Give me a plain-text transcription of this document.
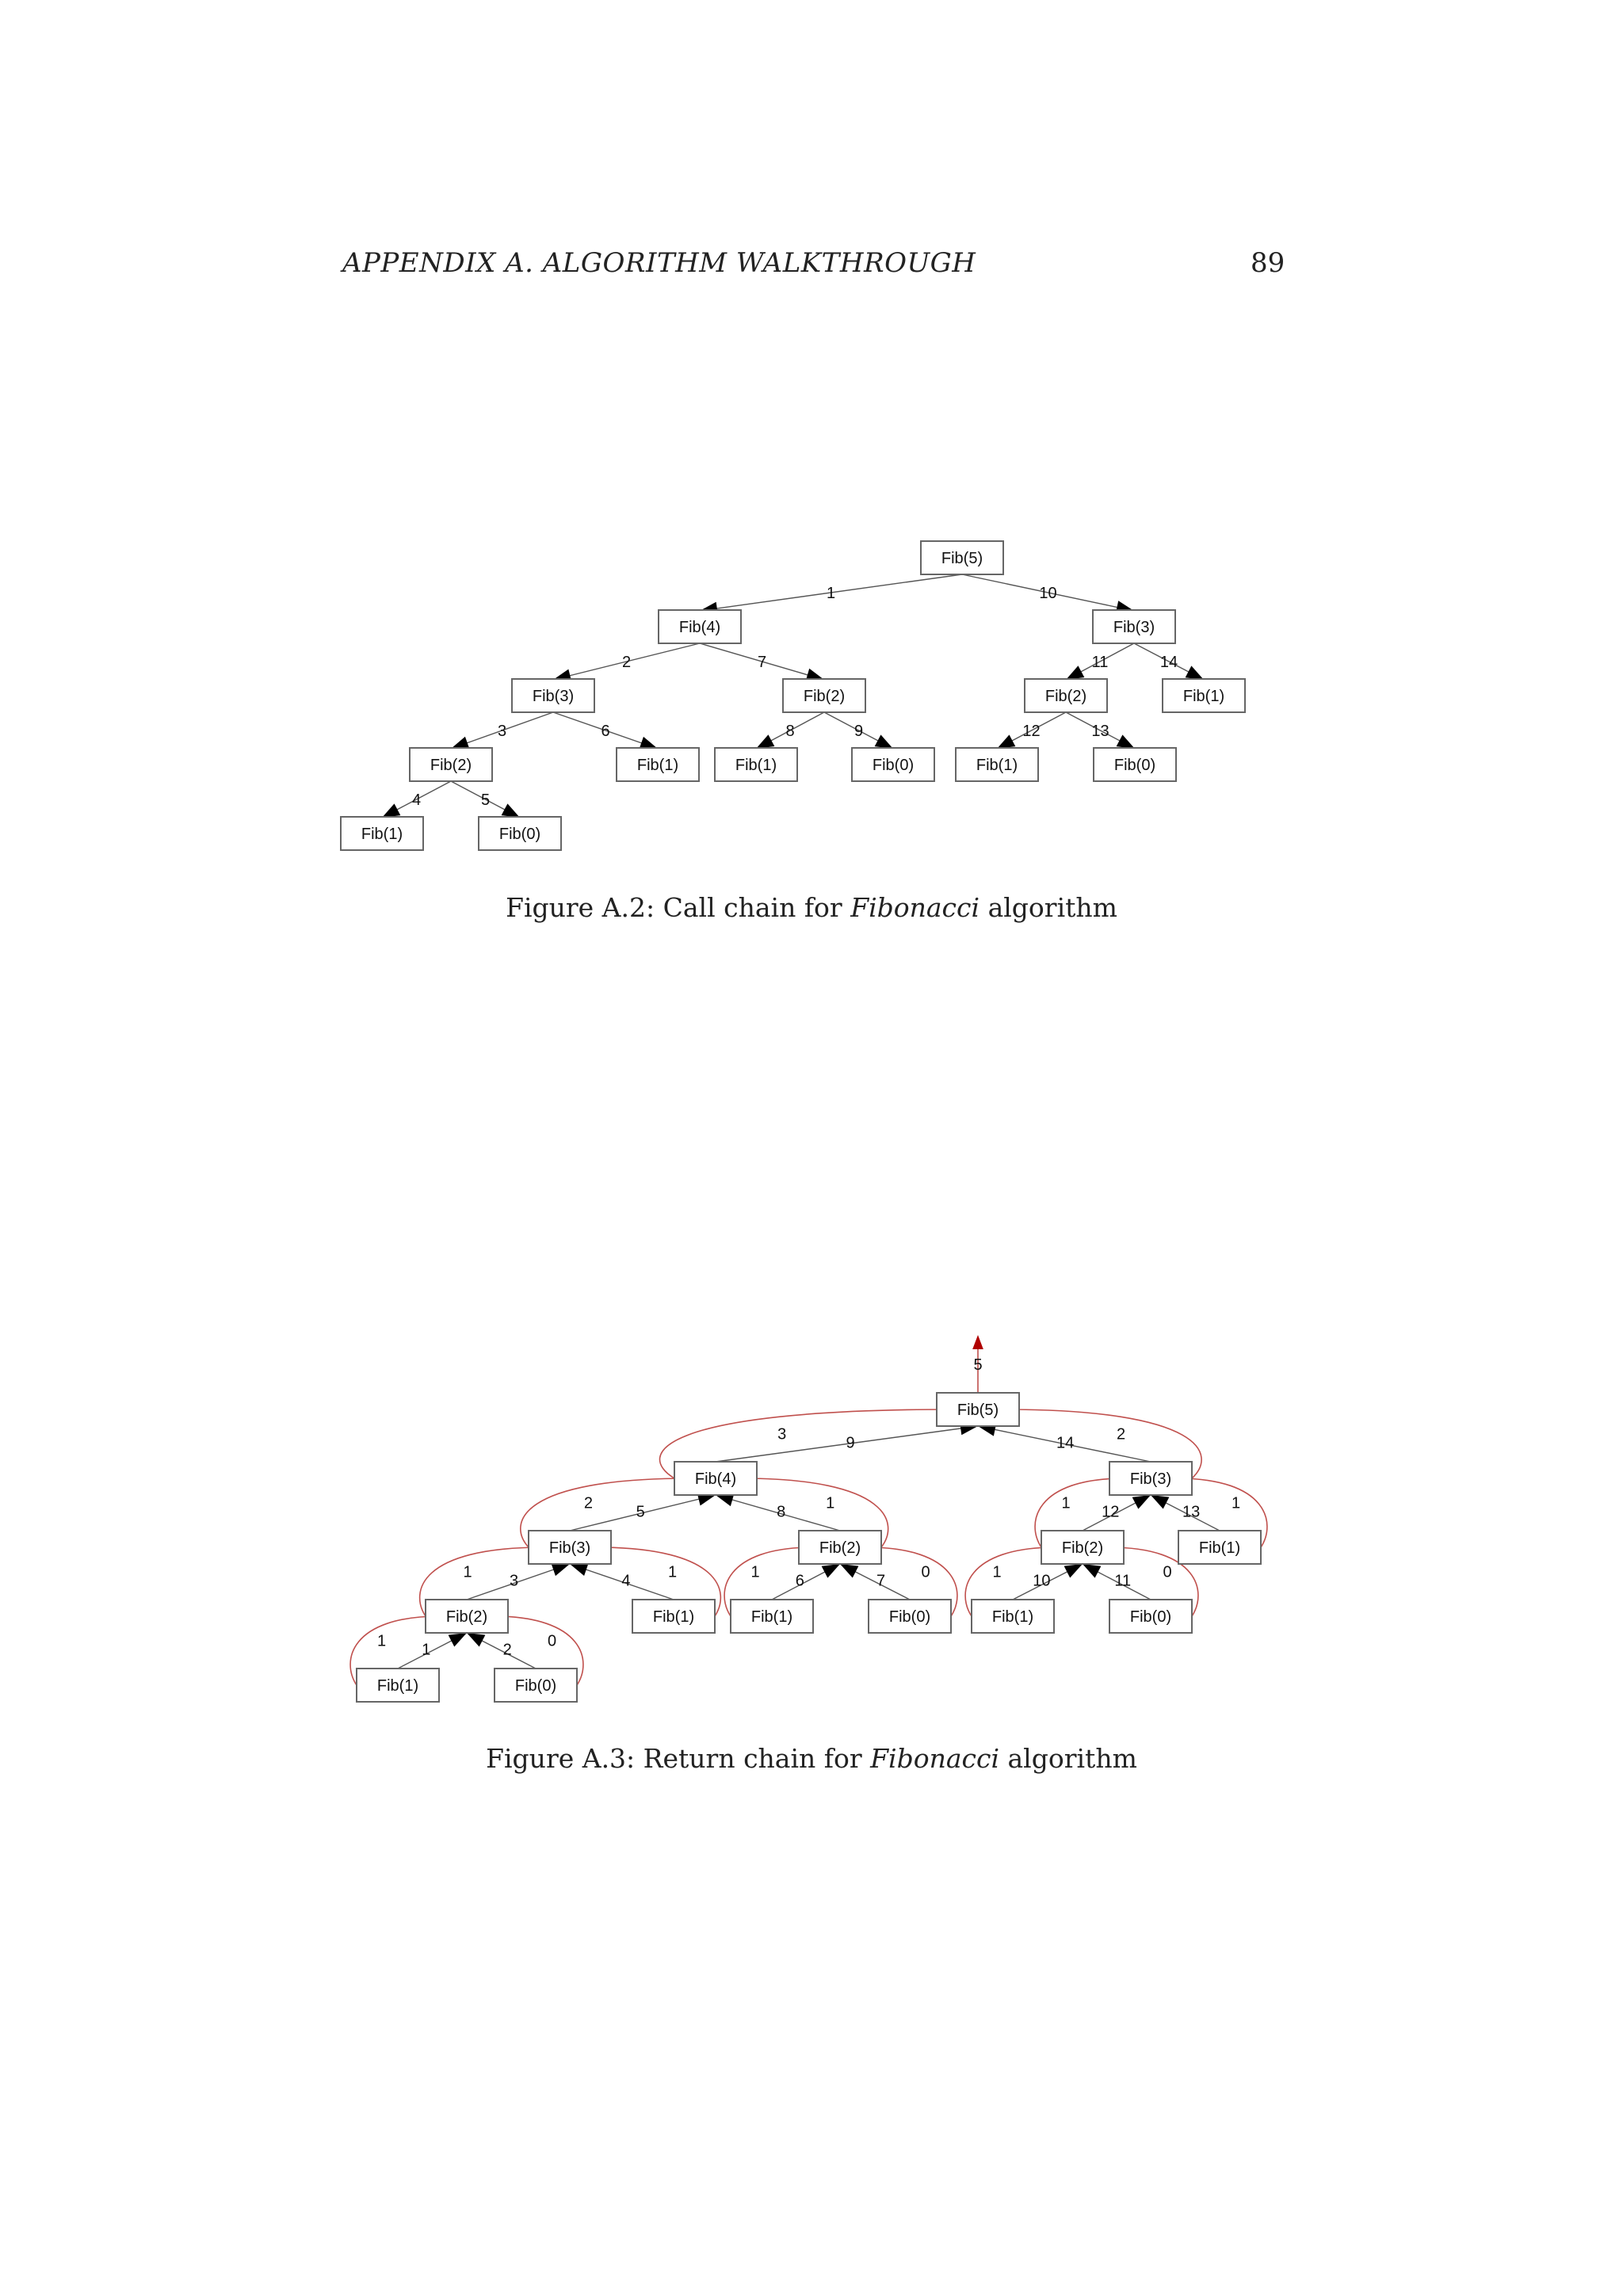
APPENDIX A. ALGORITHM WALKTHROUGH	89
1
2
3
4	5
6
7
8	9
10
11
12	13
14
Fib(5)
Fib(4)
Fib(3)	Fib(2)	Fib(2)
Fib(2)
Fib(1)
Fib(1)
Fib(0)
Fib(1)	Fib(0)	Fib(1)	Fib(0)
Fib(3)
Fib(1)
Figure A.2: Call chain for Fibonacci algorithm
5
3	2
2	1
1	1
1	0
1	0
1	1
1	0
9	14
5	8
3	4
1	2
6	7
12	13
10	11
Fib(5)
Fib(4)	Fib(3)
Fib(3)	Fib(2)	Fib(2)	Fib(1)
Fib(2)	Fib(1)	Fib(1)	Fib(0)	Fib(1)	Fib(0)
Fib(1)	Fib(0)
Figure A.3: Return chain for Fibonacci algorithm
